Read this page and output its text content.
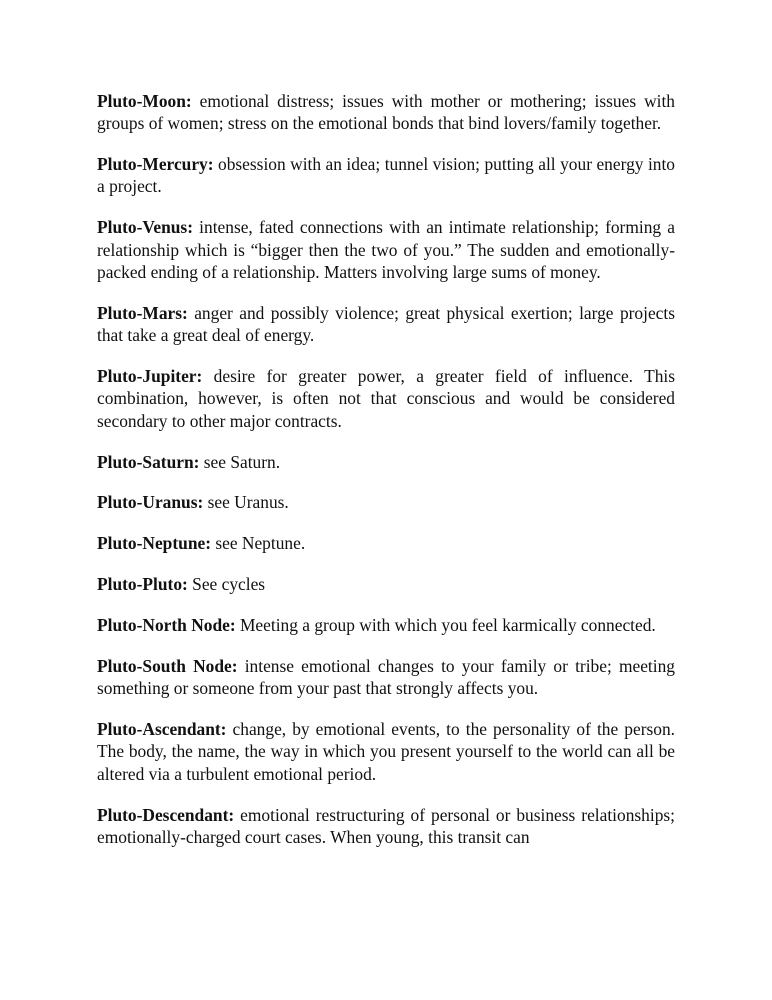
Pluto-Moon: emotional distress; issues with mother or mothering; issues with groups of women; stress on the emotional bonds that bind lovers/family together.

Pluto-Mercury: obsession with an idea; tunnel vision; putting all your energy into a project.

Pluto-Venus: intense, fated connections with an intimate relationship; forming a relationship which is “bigger then the two of you.” The sudden and emotionally-packed ending of a relationship. Matters involving large sums of money.

Pluto-Mars: anger and possibly violence; great physical exertion; large projects that take a great deal of energy.

Pluto-Jupiter: desire for greater power, a greater field of influence. This combination, however, is often not that conscious and would be considered secondary to other major contracts.

Pluto-Saturn: see Saturn.

Pluto-Uranus: see Uranus.

Pluto-Neptune: see Neptune.

Pluto-Pluto: See cycles

Pluto-North Node: Meeting a group with which you feel karmically connected.

Pluto-South Node: intense emotional changes to your family or tribe; meeting something or someone from your past that strongly affects you.

Pluto-Ascendant: change, by emotional events, to the personality of the person. The body, the name, the way in which you present yourself to the world can all be altered via a turbulent emotional period.

Pluto-Descendant: emotional restructuring of personal or business relationships; emotionally-charged court cases. When young, this transit can
